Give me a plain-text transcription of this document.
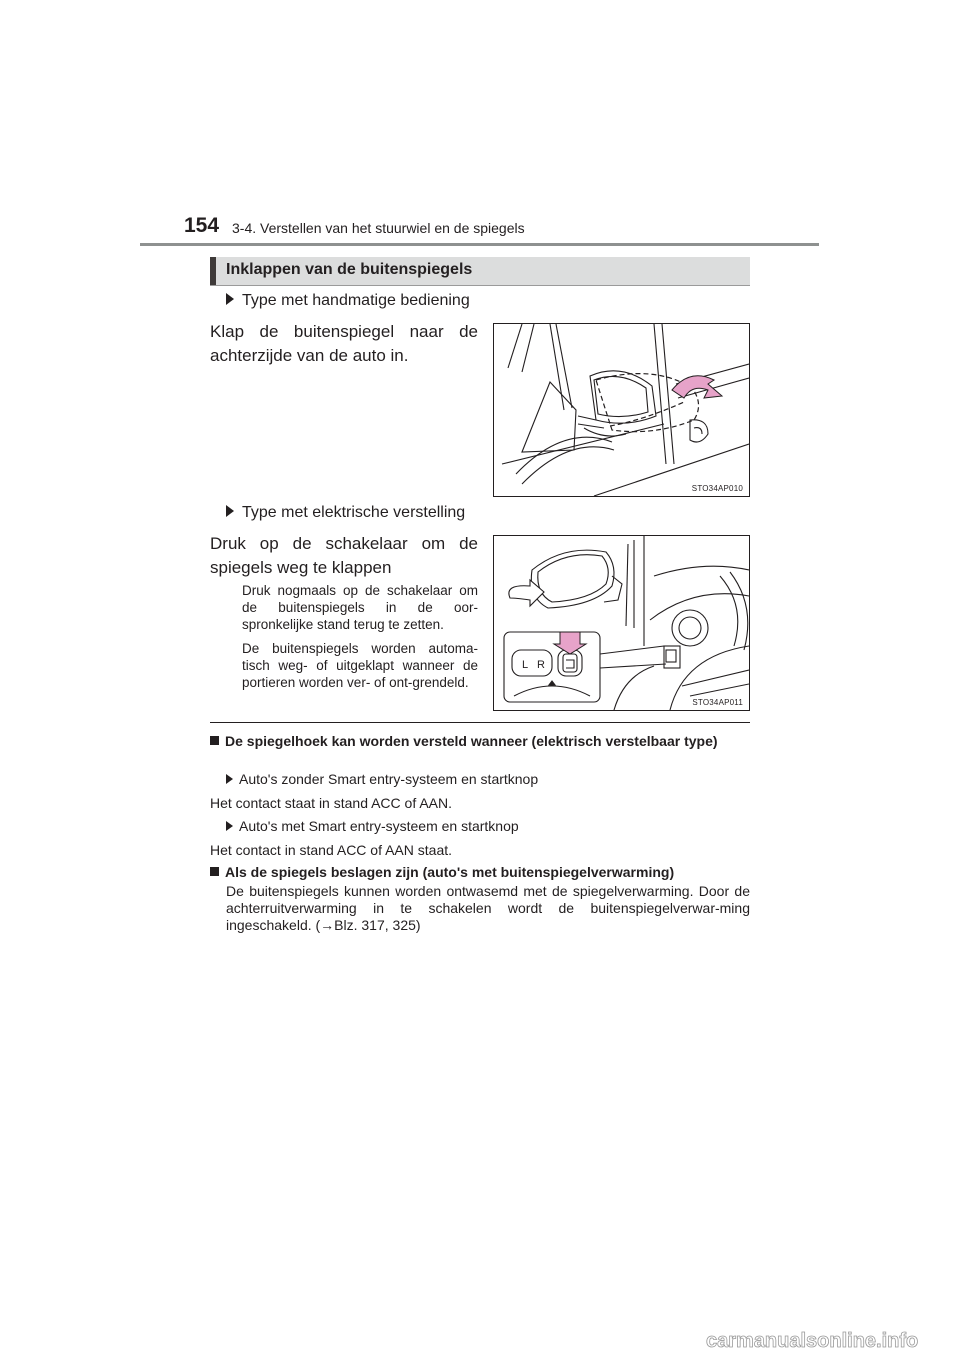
154 3-4. Verstellen van het stuurwiel en de spiegels
Inklappen van de buitenspiegels
Type met handmatige bediening
Klap de buitenspiegel naar de achterzijde van de auto in.
STO34AP010
Type met elektrische verstelling
Druk op de schakelaar om de spiegels weg te klappen
Druk nogmaals op de schakelaar om de buitenspiegels in de oor-spronkelijke stand terug te zetten.
De buitenspiegels worden automa-tisch weg- of uitgeklapt wanneer de portieren worden ver- of ont-grendeld.
L R
STO34AP011
De spiegelhoek kan worden versteld wanneer (elektrisch verstelbaar type)
Auto's zonder Smart entry-systeem en startknop
Het contact staat in stand ACC of AAN.
Auto's met Smart entry-systeem en startknop
Het contact in stand ACC of AAN staat.
Als de spiegels beslagen zijn (auto's met buitenspiegelverwarming)
De buitenspiegels kunnen worden ontwasemd met de spiegelverwarming. Door de achterruitverwarming in te schakelen wordt de buitenspiegelverwar-ming ingeschakeld. (→Blz. 317, 325)
carmanualsonline.info
